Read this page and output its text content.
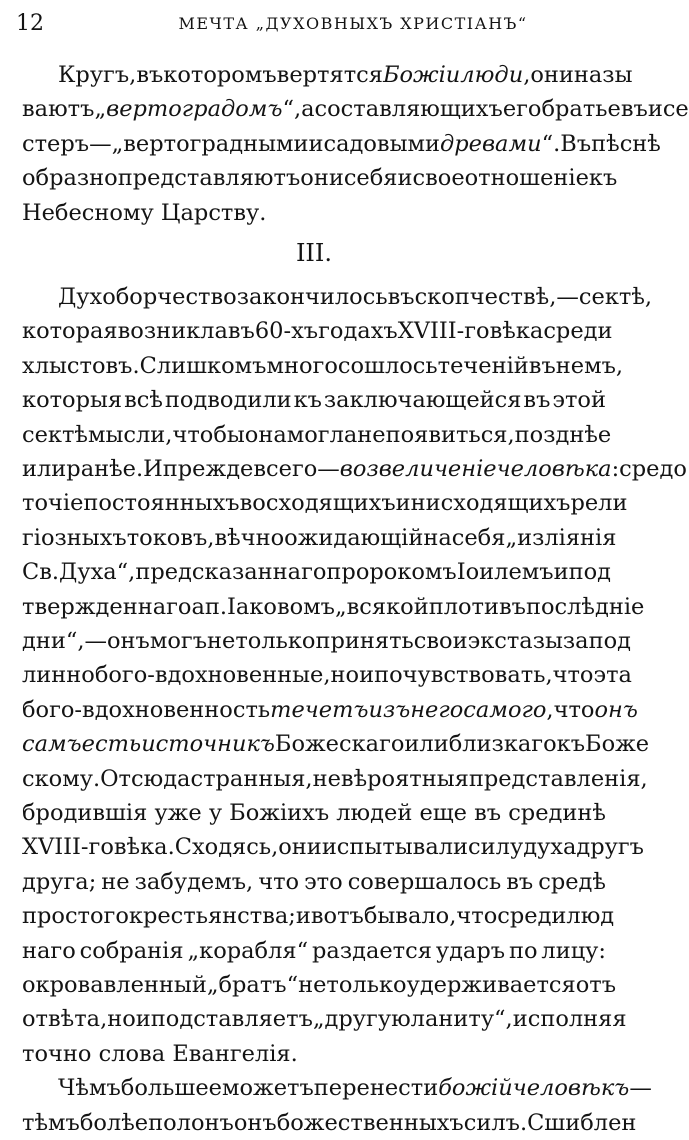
12	МЕЧТА „ДУХОВНЫХЪ ХРИСТІАНЪ“
III.
Кругъ, въ которомъ вертятся Божіи люди , они назы
ваютъ „ вертоградомъ “, а составляющихъ его братьевъ и се
стеръ—„вертоградными и садовыми древами “. Въ пѣснѣ
образно представляютъ они себя и свое отношеніе къ
Небесному Царству.
Духоборчество закончилось въ скопчествѣ,—сектѣ,
которая возникла въ 60-хъ годахъ XVIII-го вѣка среди
хлыстовъ. Слишкомъ много сошлось теченій въ немъ,
которыя всѣ подводили къ заключающейся въ этой
сектѣ мысли, чтобы она могла не появиться, позднѣе
или ранѣе. И прежде всего— возвеличеніе человѣка : средо
точіе постоянныхъ восходящихъ и нисходящихъ рели
гіозныхъ токовъ, вѣчно ожидающій на себя „изліянія
Св. Духа“, предсказаннаго пророкомъ Іоилемъ и под
твержденнаго ап. Іаковомъ „всякой плоти въ послѣдніе
дни“,—онъ могъ не только принять свои экстазы за под
линно бого-вдохновенные, но и почувствовать, что эта
бого-вдохновенность течетъ изъ него самого , что онъ
самъ есть источникъ Божескаго или близкаго къ Боже
скому. Отсюда странныя, невѣроятныя представленія,
бродившія уже у Божіихъ людей еще въ срединѣ
XVIII-го вѣка. Сходясь, они испытывали силу духа другъ
друга; не забудемъ, что это совершалось въ средѣ
простого крестьянства; и вотъ бывало, что среди люд
наго собранія „корабля“ раздается ударъ по лицу:
окровавленный „братъ“ не только удерживается отъ
отвѣта, но и подставляетъ „другую ланиту“, исполняя
точно слова Евангелія.
Чѣмъ большее можетъ перенести божій человѣкъ —
тѣмъ болѣе полонъ онъ божественныхъ силъ. Сшиблен
